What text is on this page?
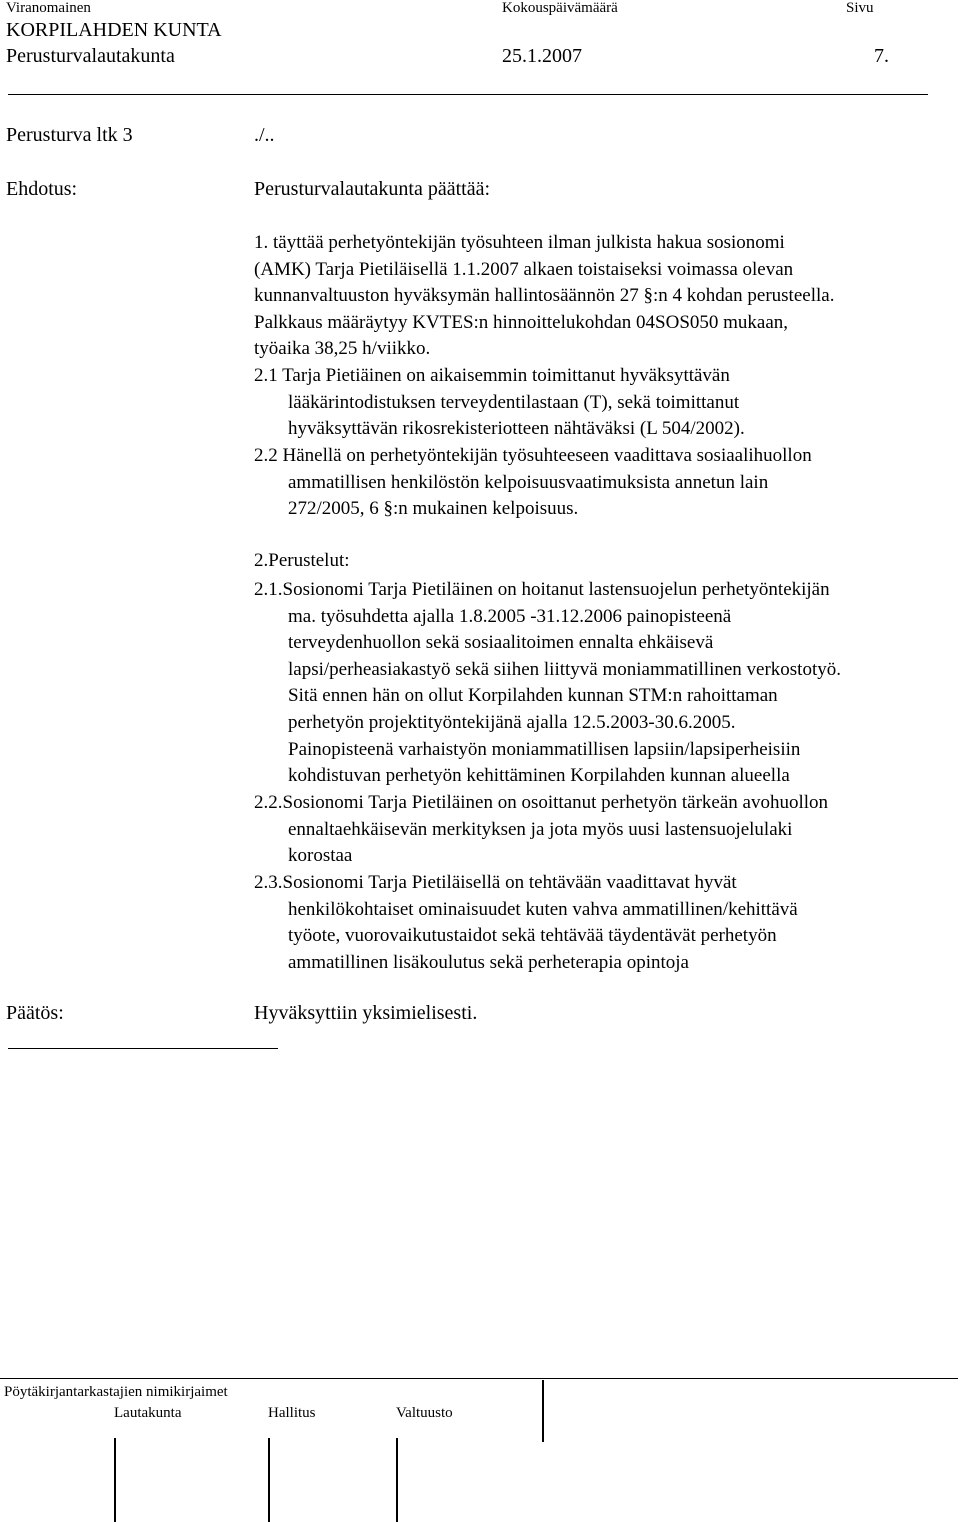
Viranomainen	Kokouspäivämäärä	Sivu
KORPILAHDEN KUNTA
Perusturvalautakunta	25.1.2007	7.
Perusturva ltk 3	./..
Ehdotus:	Perusturvalautakunta päättää:
1. täyttää perhetyöntekijän työsuhteen ilman julkista hakua sosionomi
(AMK) Tarja Pietiläisellä 1.1.2007 alkaen toistaiseksi voimassa olevan
kunnanvaltuuston hyväksymän hallintosäännön 27 §:n 4 kohdan perusteella.
Palkkaus määräytyy KVTES:n hinnoittelukohdan 04SOS050 mukaan,
työaika 38,25 h/viikko.
2.1 Tarja Pietiäinen on aikaisemmin toimittanut hyväksyttävän
lääkärintodistuksen terveydentilastaan (T), sekä toimittanut
hyväksyttävän rikosrekisteriotteen nähtäväksi (L 504/2002).
2.2 Hänellä on perhetyöntekijän työsuhteeseen vaadittava sosiaalihuollon
ammatillisen henkilöstön kelpoisuusvaatimuksista annetun lain
272/2005, 6 §:n mukainen kelpoisuus.
2.Perustelut:
2.1.Sosionomi Tarja Pietiläinen on hoitanut lastensuojelun perhetyöntekijän
ma. työsuhdetta ajalla 1.8.2005 -31.12.2006 painopisteenä
terveydenhuollon sekä sosiaalitoimen ennalta ehkäisevä
lapsi/perheasiakastyö sekä siihen liittyvä moniammatillinen verkostotyö.
Sitä ennen hän on ollut Korpilahden kunnan STM:n rahoittaman
perhetyön projektityöntekijänä ajalla 12.5.2003-30.6.2005.
Painopisteenä varhaistyön moniammatillisen lapsiin/lapsiperheisiin
kohdistuvan perhetyön kehittäminen Korpilahden kunnan alueella
2.2.Sosionomi Tarja Pietiläinen on osoittanut perhetyön tärkeän avohuollon
ennaltaehkäisevän merkityksen ja jota myös uusi lastensuojelulaki
korostaa
2.3.Sosionomi Tarja Pietiläisellä on tehtävään vaadittavat hyvät
henkilökohtaiset ominaisuudet kuten vahva ammatillinen/kehittävä
työote, vuorovaikutustaidot sekä tehtävää täydentävät perhetyön
ammatillinen lisäkoulutus sekä perheterapia opintoja
Päätös:	Hyväksyttiin yksimielisesti.
Pöytäkirjantarkastajien nimikirjaimet
Lautakunta	Hallitus	Valtuusto
